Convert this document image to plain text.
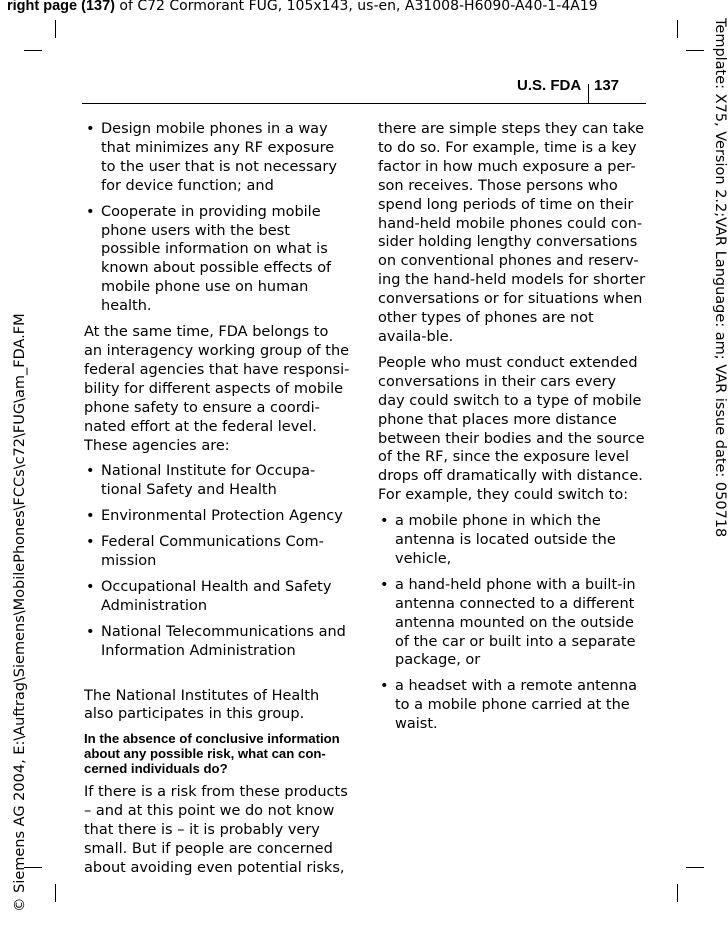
right page (137) of C72 Cormorant FUG, 105x143, us-en, A31008-H6090-A40-1-4A19
© Siemens AG 2004, E:\Auftrag\Siemens\MobilePhones\FCCs\c72\FUG\am_FDA.FM
Template: X75, Version 2.2;VAR Language: am; VAR issue date: 050718
U.S. FDA 137
• Design mobile phones in a way that minimizes any RF exposure to the user that is not necessary for device function; and
• Cooperate in providing mobile phone users with the best possible information on what is known about possible effects of mobile phone use on human health.

At the same time, FDA belongs to an interagency working group of the federal agencies that have responsi-bility for different aspects of mobile phone safety to ensure a coordi-nated effort at the federal level. These agencies are:

• National Institute for Occupa-tional Safety and Health
• Environmental Protection Agency
• Federal Communications Com-mission
• Occupational Health and Safety Administration
• National Telecommunications and Information Administration

The National Institutes of Health also participates in this group.

In the absence of conclusive information about any possible risk, what can con-cerned individuals do?

If there is a risk from these products – and at this point we do not know that there is – it is probably very small. But if people are concerned about avoiding even potential risks,

there are simple steps they can take to do so. For example, time is a key factor in how much exposure a per-son receives. Those persons who spend long periods of time on their hand-held mobile phones could con-sider holding lengthy conversations on conventional phones and reserv-ing the hand-held models for shorter conversations or for situations when other types of phones are not availa-ble.

People who must conduct extended conversations in their cars every day could switch to a type of mobile phone that places more distance between their bodies and the source of the RF, since the exposure level drops off dramatically with distance. For example, they could switch to:

• a mobile phone in which the antenna is located outside the vehicle,
• a hand-held phone with a built-in antenna connected to a different antenna mounted on the outside of the car or built into a separate package, or
• a headset with a remote antenna to a mobile phone carried at the waist.
